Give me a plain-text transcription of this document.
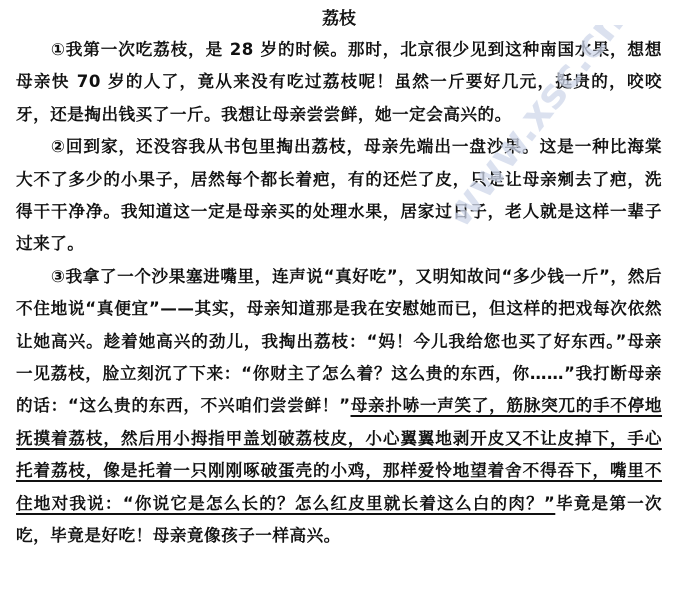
荔枝

①我第一次吃荔枝，是 28 岁的时候。那时，北京很少见到这种南国水果，想想母亲快 70 岁的人了，竟从来没有吃过荔枝呢！虽然一斤要好几元，挺贵的，咬咬牙，还是掏出钱买了一斤。我想让母亲尝尝鲜，她一定会高兴的。

②回到家，还没容我从书包里掏出荔枝，母亲先端出一盘沙果。这是一种比海棠大不了多少的小果子，居然每个都长着疤，有的还烂了皮，只是让母亲剜去了疤，洗得干干净净。我知道这一定是母亲买的处理水果，居家过日子，老人就是这样一辈子过来了。

③我拿了一个沙果塞进嘴里，连声说“真好吃”，又明知故问“多少钱一斤”，然后不住地说“真便宜”——其实，母亲知道那是我在安慰她而已，但这样的把戏每次依然让她高兴。趁着她高兴的劲儿，我掏出荔枝：“妈！今儿我给您也买了好东西。”母亲一见荔枝，脸立刻沉了下来：“你财主了怎么着？这么贵的东西，你……”我打断母亲的话：“这么贵的东西，不兴咱们尝尝鲜！”母亲扑哧一声笑了，筋脉突兀的手不停地抚摸着荔枝，然后用小拇指甲盖划破荔枝皮，小心翼翼地剥开皮又不让皮掉下，手心托着荔枝，像是托着一只刚刚啄破蛋壳的小鸡，那样爱怜地望着舍不得吞下，嘴里不住地对我说：“你说它是怎么长的？怎么红皮里就长着这么白的肉？”毕竟是第一次吃，毕竟是好吃！母亲竟像孩子一样高兴。

www.xsc.cn
